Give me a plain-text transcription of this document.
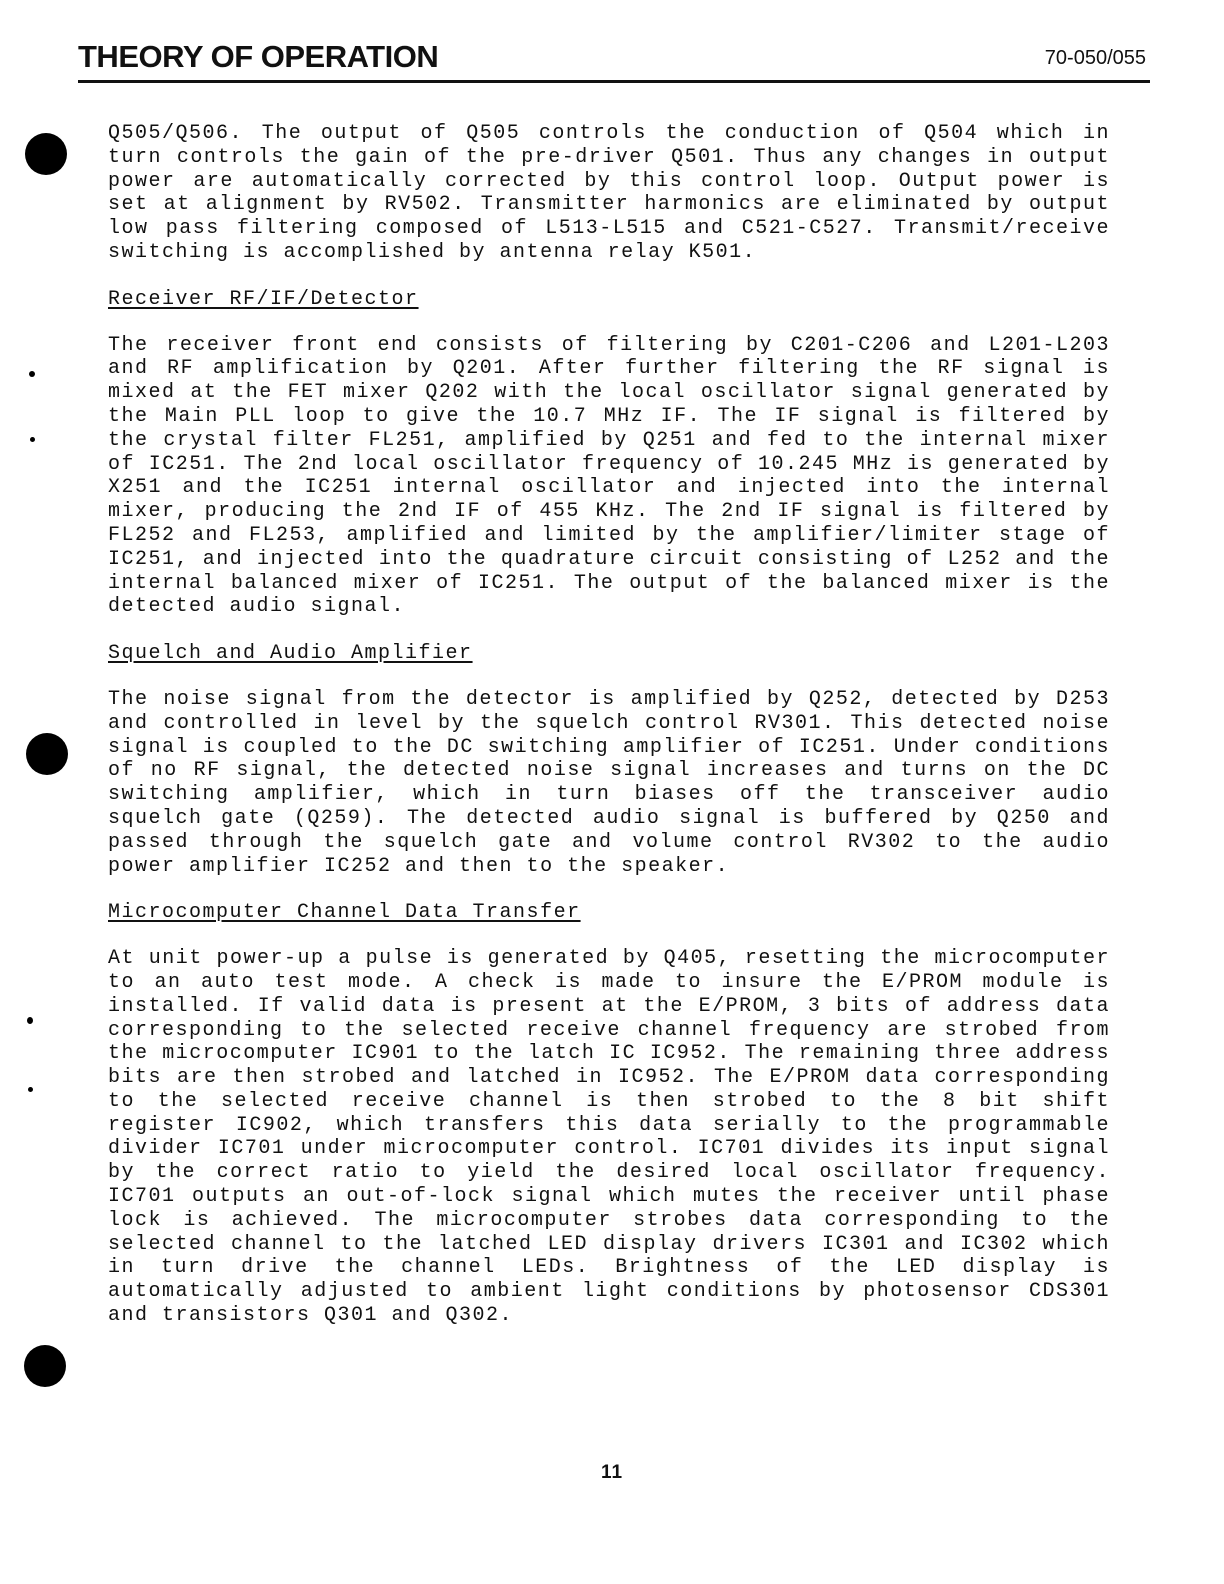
THEORY OF OPERATION	70-050/055

Q505/Q506. The output of Q505 controls the conduction of Q504 which in turn controls the gain of the pre-driver Q501. Thus any changes in output power are automatically corrected by this control loop. Output power is set at alignment by RV502. Transmitter harmonics are eliminated by output low pass filtering composed of L513-L515 and C521-C527. Transmit/receive switching is accomplished by antenna relay K501.

Receiver RF/IF/Detector

The receiver front end consists of filtering by C201-C206 and L201-L203 and RF amplification by Q201. After further filtering the RF signal is mixed at the FET mixer Q202 with the local oscillator signal generated by the Main PLL loop to give the 10.7 MHz IF. The IF signal is filtered by the crystal filter FL251, amplified by Q251 and fed to the internal mixer of IC251. The 2nd local oscillator frequency of 10.245 MHz is generated by X251 and the IC251 internal oscillator and injected into the internal mixer, producing the 2nd IF of 455 KHz. The 2nd IF signal is filtered by FL252 and FL253, amplified and limited by the amplifier/limiter stage of IC251, and injected into the quadrature circuit consisting of L252 and the internal balanced mixer of IC251. The output of the balanced mixer is the detected audio signal.

Squelch and Audio Amplifier

The noise signal from the detector is amplified by Q252, detected by D253 and controlled in level by the squelch control RV301. This detected noise signal is coupled to the DC switching amplifier of IC251. Under conditions of no RF signal, the detected noise signal increases and turns on the DC switching amplifier, which in turn biases off the transceiver audio squelch gate (Q259). The detected audio signal is buffered by Q250 and passed through the squelch gate and volume control RV302 to the audio power amplifier IC252 and then to the speaker.

Microcomputer Channel Data Transfer

At unit power-up a pulse is generated by Q405, resetting the microcomputer to an auto test mode. A check is made to insure the E/PROM module is installed. If valid data is present at the E/PROM, 3 bits of address data corresponding to the selected receive channel frequency are strobed from the microcomputer IC901 to the latch IC IC952. The remaining three address bits are then strobed and latched in IC952. The E/PROM data corresponding to the selected receive channel is then strobed to the 8 bit shift register IC902, which transfers this data serially to the programmable divider IC701 under microcomputer control. IC701 divides its input signal by the correct ratio to yield the desired local oscillator frequency. IC701 outputs an out-of-lock signal which mutes the receiver until phase lock is achieved. The microcomputer strobes data corresponding to the selected channel to the latched LED display drivers IC301 and IC302 which in turn drive the channel LEDs. Brightness of the LED display is automatically adjusted to ambient light conditions by photosensor CDS301 and transistors Q301 and Q302.

11
